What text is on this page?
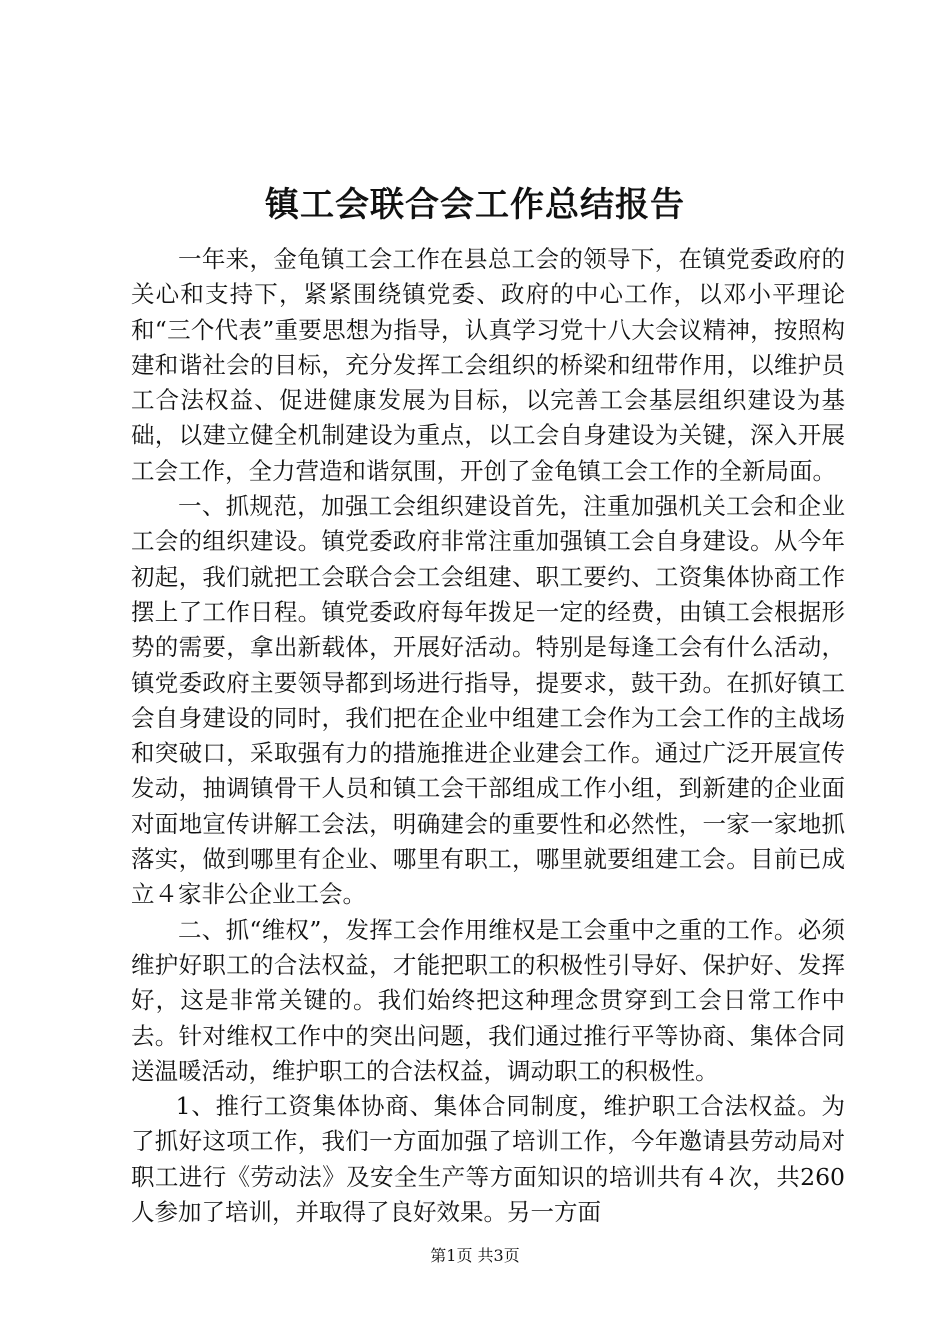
镇工会联合会工作总结报告

一年来，金龟镇工会工作在县总工会的领导下，在镇党委政府的关心和支持下，紧紧围绕镇党委、政府的中心工作，以邓小平理论和“三个代表”重要思想为指导，认真学习党十八大会议精神，按照构建和谐社会的目标，充分发挥工会组织的桥梁和纽带作用，以维护员工合法权益、促进健康发展为目标，以完善工会基层组织建设为基础，以建立健全机制建设为重点，以工会自身建设为关键，深入开展工会工作，全力营造和谐氛围，开创了金龟镇工会工作的全新局面。

一、抓规范，加强工会组织建设首先，注重加强机关工会和企业工会的组织建设。镇党委政府非常注重加强镇工会自身建设。从今年初起，我们就把工会联合会工会组建、职工要约、工资集体协商工作摆上了工作日程。镇党委政府每年拨足一定的经费，由镇工会根据形势的需要，拿出新载体，开展好活动。特别是每逢工会有什么活动，镇党委政府主要领导都到场进行指导，提要求，鼓干劲。在抓好镇工会自身建设的同时，我们把在企业中组建工会作为工会工作的主战场和突破口，采取强有力的措施推进企业建会工作。通过广泛开展宣传发动，抽调镇骨干人员和镇工会干部组成工作小组，到新建的企业面对面地宣传讲解工会法，明确建会的重要性和必然性，一家一家地抓落实，做到哪里有企业、哪里有职工，哪里就要组建工会。目前已成立４家非公企业工会。

二、抓“维权”，发挥工会作用维权是工会重中之重的工作。必须维护好职工的合法权益，才能把职工的积极性引导好、保护好、发挥好，这是非常关键的。我们始终把这种理念贯穿到工会日常工作中去。针对维权工作中的突出问题，我们通过推行平等协商、集体合同送温暖活动，维护职工的合法权益，调动职工的积极性。

1、推行工资集体协商、集体合同制度，维护职工合法权益。为了抓好这项工作，我们一方面加强了培训工作，今年邀请县劳动局对职工进行《劳动法》及安全生产等方面知识的培训共有４次，共260人参加了培训，并取得了良好效果。另一方面

第1页 共3页
